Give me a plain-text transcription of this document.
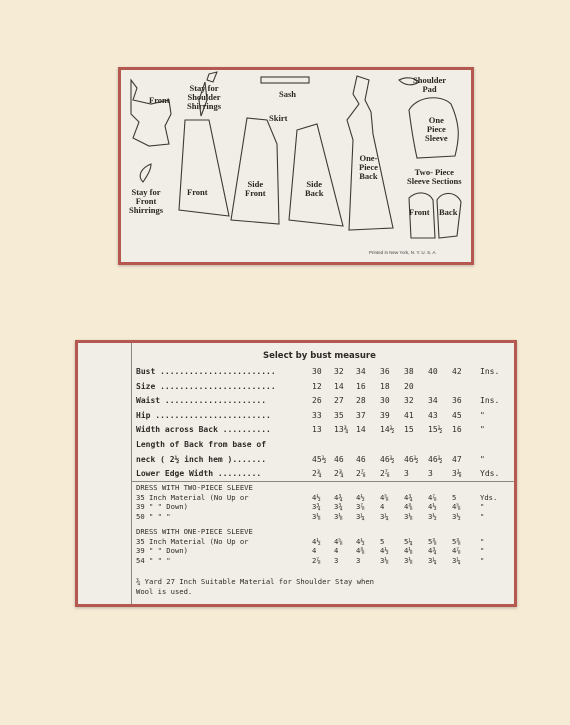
Front
Stay for
Shoulder
Shirrings
Sash
Skirt
Shoulder
Pad
One
Piece
Sleeve
Stay for
Front
Shirrings
Front
Side
Front
Side
Back
One-
Piece
Back	Two- Piece
Sleeve Sections
Front Back
Printed in New York, N. Y. U. S. A.
Select by bust measure
Bust ........................	30 32 34 36 38 40 42 Ins.
Size ........................	12 14 16 18 20
Waist .....................	26 27 28 30 32 34 36 Ins.
Hip ........................	33 35 37 39 41 43 45 "
Width across Back ..........	13 13¾ 14 14½ 15 15½ 16 "
Length of Back from base of
neck ( 2½ inch hem ).......	45½ 46 46 46½ 46½ 46½ 47 "
Lower Edge Width .........	2¾ 2¾ 2⅞ 2⅞ 3 3 3⅛ Yds.
DRESS WITH TWO-PIECE SLEEVE
35 Inch Material (No Up or	4½ 4¾ 4½ 4⅝ 4¾ 4⅞ 5	Yds.
39 " " Down)	3¾ 3¾ 3⅞ 4	4⅜ 4½ 4⅝	"
50 " " "	3⅛ 3⅛ 3¼ 3¼ 3⅛ 3½ 3½	"
DRESS WITH ONE-PIECE SLEEVE
35 Inch Material (No Up or	4½ 4⅝ 4½ 5	5¼ 5⅜ 5⅜	"
39 " " Down)	4 4 4⅜ 4½ 4⅛ 4¾ 4⅞	"
54 " " "	2⅞ 3 3	3⅛ 3⅛ 3¼ 3¼	"
¾ Yard 27 Inch Suitable Material for Shoulder Stay when
Wool is used.
10 D
